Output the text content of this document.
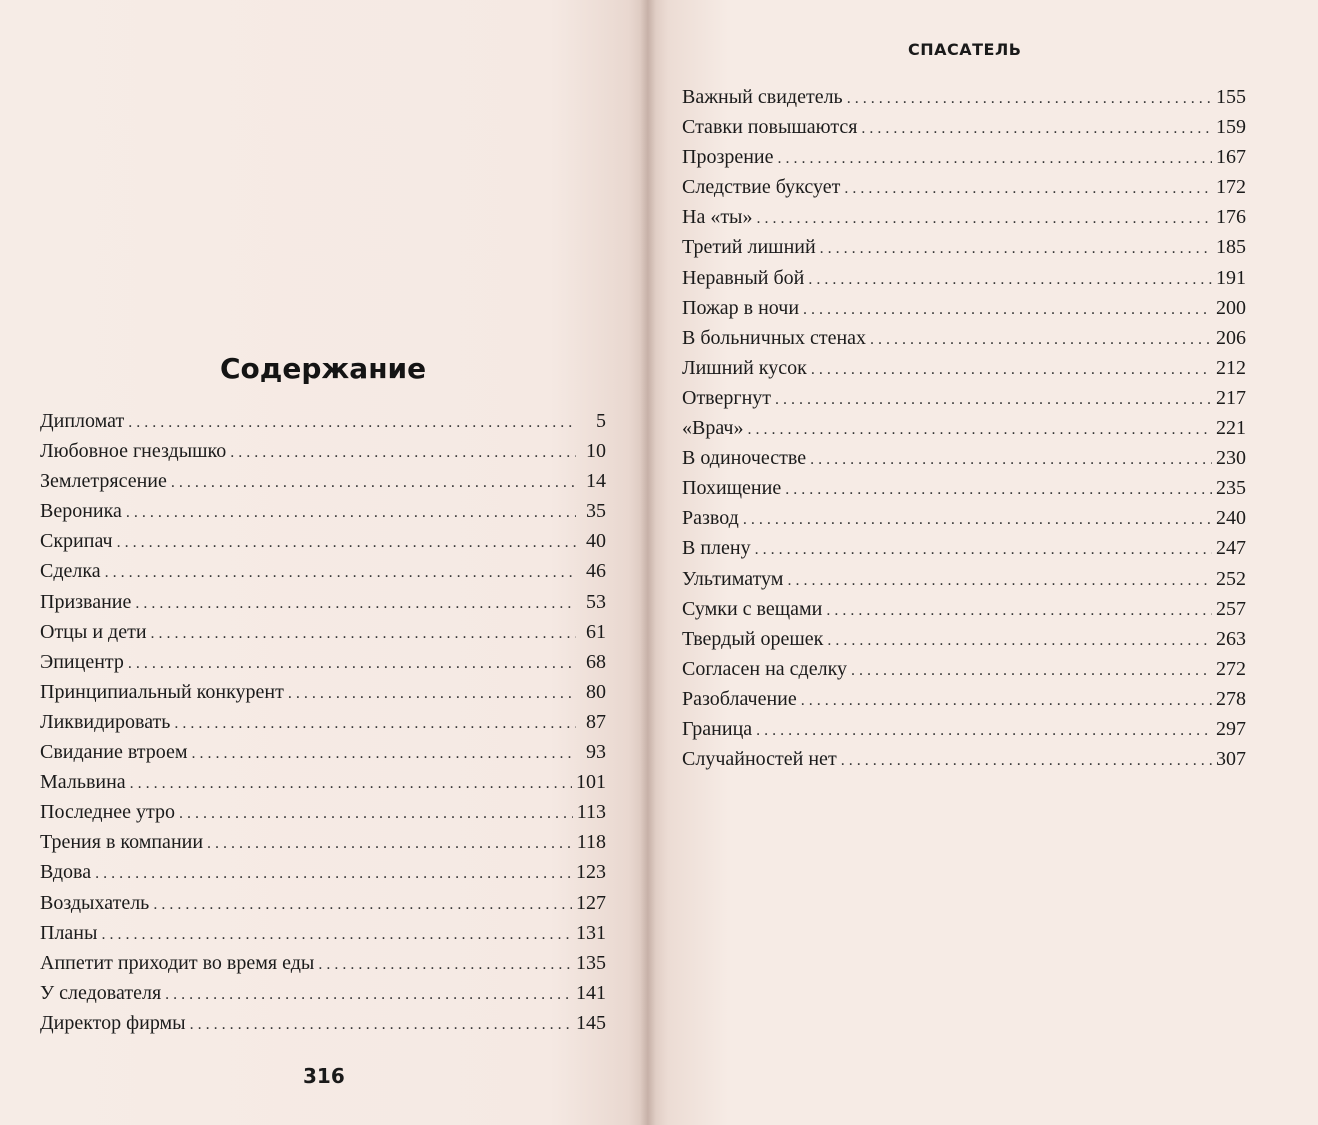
СПАСАТЕЛЬ
Содержание
Дипломат . . .	5
Любовное гнездышко . . .	10
Землетрясение . . .	14
Вероника . . .	35
Скрипач . . .	40
Сделка . . .	46
Призвание . . .	53
Отцы и дети . . .	61
Эпицентр . . .	68
Принципиальный конкурент . . .	80
Ликвидировать . . .	87
Свидание втроем . . .	93
Мальвина . . .	101
Последнее утро . . .	113
Трения в компании . . .	118
Вдова . . .	123
Воздыхатель . . .	127
Планы . . .	131
Аппетит приходит во время еды . . .	135
У следователя . . .	141
Директор фирмы . . .	145
Важный свидетель . . .	155
Ставки повышаются . . .	159
Прозрение . . .	167
Следствие буксует . . .	172
На «ты» . . .	176
Третий лишний . . .	185
Неравный бой . . .	191
Пожар в ночи . . .	200
В больничных стенах . . .	206
Лишний кусок . . .	212
Отвергнут . . .	217
«Врач» . . .	221
В одиночестве . . .	230
Похищение . . .	235
Развод . . .	240
В плену . . .	247
Ультиматум . . .	252
Сумки с вещами . . .	257
Твердый орешек . . .	263
Согласен на сделку . . .	272
Разоблачение . . .	278
Граница . . .	297
Случайностей нет . . .	307
316
